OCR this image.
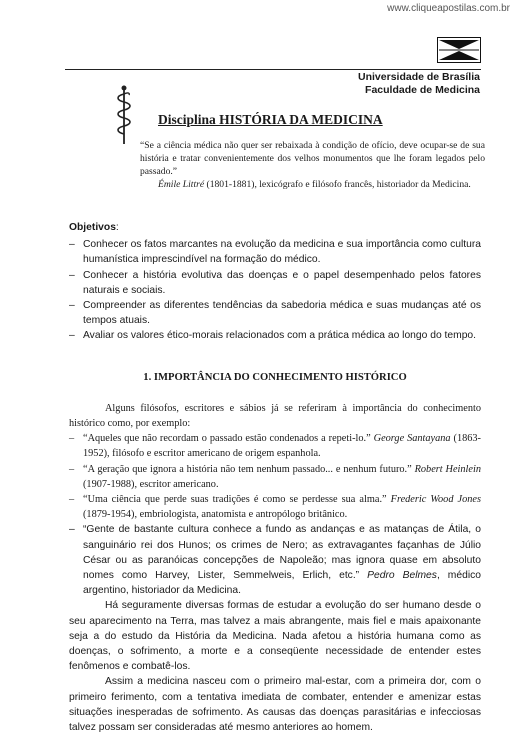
www.cliqueapostilas.com.br
Universidade de Brasília
Faculdade de Medicina
Disciplina HISTÓRIA DA MEDICINA
“Se a ciência médica não quer ser rebaixada à condição de ofício, deve ocupar-se de sua história e tratar convenientemente dos velhos monumentos que lhe foram legados pelo passado.”
Émile Littré (1801-1881), lexicógrafo e filósofo francês, historiador da Medicina.
Objetivos:
– Conhecer os fatos marcantes na evolução da medicina e sua importância como cultura humanística imprescindível na formação do médico.
– Conhecer a história evolutiva das doenças e o papel desempenhado pelos fatores naturais e sociais.
– Compreender as diferentes tendências da sabedoria médica e suas mudanças até os tempos atuais.
– Avaliar os valores ético-morais relacionados com a prática médica ao longo do tempo.
1. IMPORTÂNCIA DO CONHECIMENTO HISTÓRICO

Alguns filósofos, escritores e sábios já se referiram à importância do conhecimento histórico como, por exemplo:

– “Aqueles que não recordam o passado estão condenados a repeti-lo.” George Santayana (1863-1952), filósofo e escritor americano de origem espanhola.
– “A geração que ignora a história não tem nenhum passado... e nenhum futuro.” Robert Heinlein (1907-1988), escritor americano.
– “Uma ciência que perde suas tradições é como se perdesse sua alma.” Frederic Wood Jones (1879-1954), embriologista, anatomista e antropólogo britânico.
– “Gente de bastante cultura conhece a fundo as andanças e as matanças de Átila, o sanguinário rei dos Hunos; os crimes de Nero; as extravagantes façanhas de Júlio César ou as paranóicas concepções de Napoleão; mas ignora quase em absoluto nomes como Harvey, Lister, Semmelweis, Erlich, etc.” Pedro Belmes, médico argentino, historiador da Medicina.

Há seguramente diversas formas de estudar a evolução do ser humano desde o seu aparecimento na Terra, mas talvez a mais abrangente, mais fiel e mais apaixonante seja a do estudo da História da Medicina. Nada afetou a história humana como as doenças, o sofrimento, a morte e a conseqüente necessidade de entender estes fenômenos e combatê-los.

Assim a medicina nasceu com o primeiro mal-estar, com a primeira dor, com o primeiro ferimento, com a tentativa imediata de combater, entender e amenizar estas situações inesperadas de sofrimento. As causas das doenças parasitárias e infecciosas talvez possam ser consideradas até mesmo anteriores ao homem.
